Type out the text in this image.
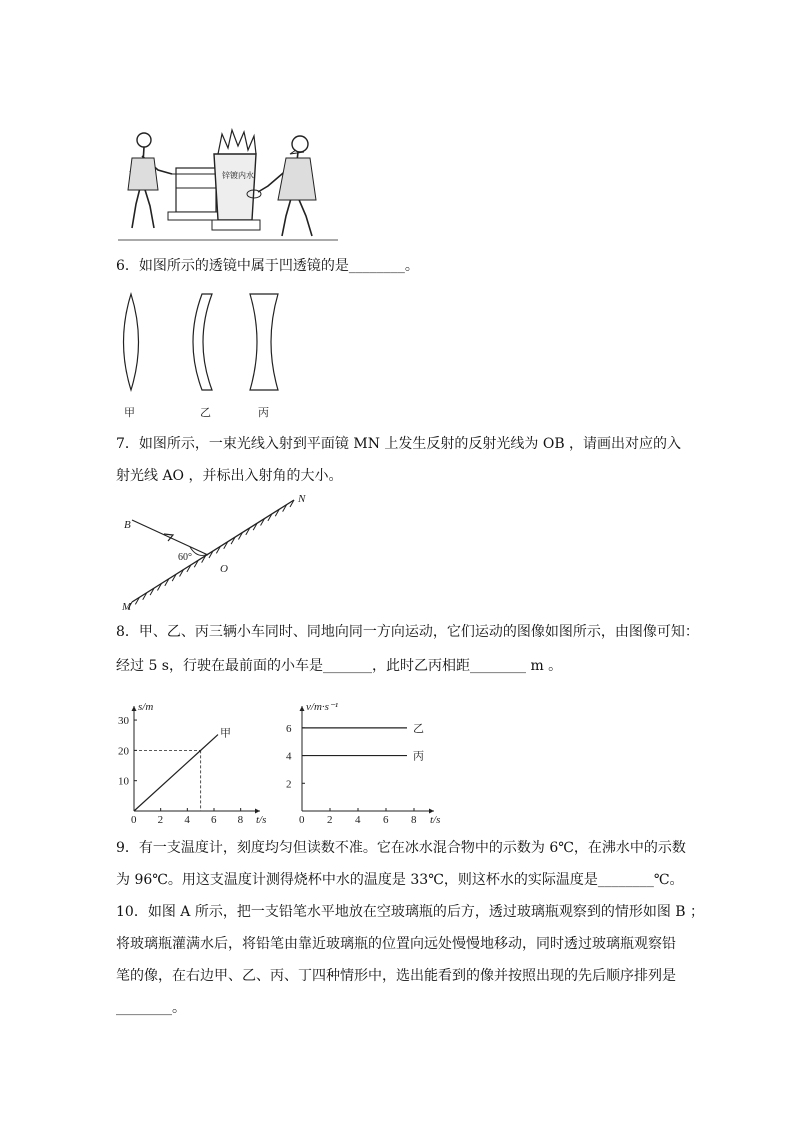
锌镀内水
6．如图所示的透镜中属于凹透镜的是________。
甲	乙	丙
7．如图所示，一束光线入射到平面镜 MN 上发生反射的反射光线为 OB ，请画出对应的入
射光线 AO ，并标出入射角的大小。
B
N
O
M
60°
8．甲、乙、丙三辆小车同时、同地向同一方向运动，它们运动的图像如图所示，由图像可知：
经过 5 s，行驶在最前面的小车是_______，此时乙丙相距________ m 。
0 2 4 6 8
10
20
30
t/s
s/m
甲
0 2 4 6 8
2
4
6
t/s
v/m·s⁻¹
乙
丙
9．有一支温度计，刻度均匀但读数不准。它在冰水混合物中的示数为 6℃，在沸水中的示数
为 96℃。用这支温度计测得烧杯中水的温度是 33℃，则这杯水的实际温度是________℃。
10．如图 A 所示，把一支铅笔水平地放在空玻璃瓶的后方，透过玻璃瓶观察到的情形如图 B ；
将玻璃瓶灌满水后，将铅笔由靠近玻璃瓶的位置向远处慢慢地移动，同时透过玻璃瓶观察铅
笔的像，在右边甲、乙、丙、丁四种情形中，选出能看到的像并按照出现的先后顺序排列是
________。
